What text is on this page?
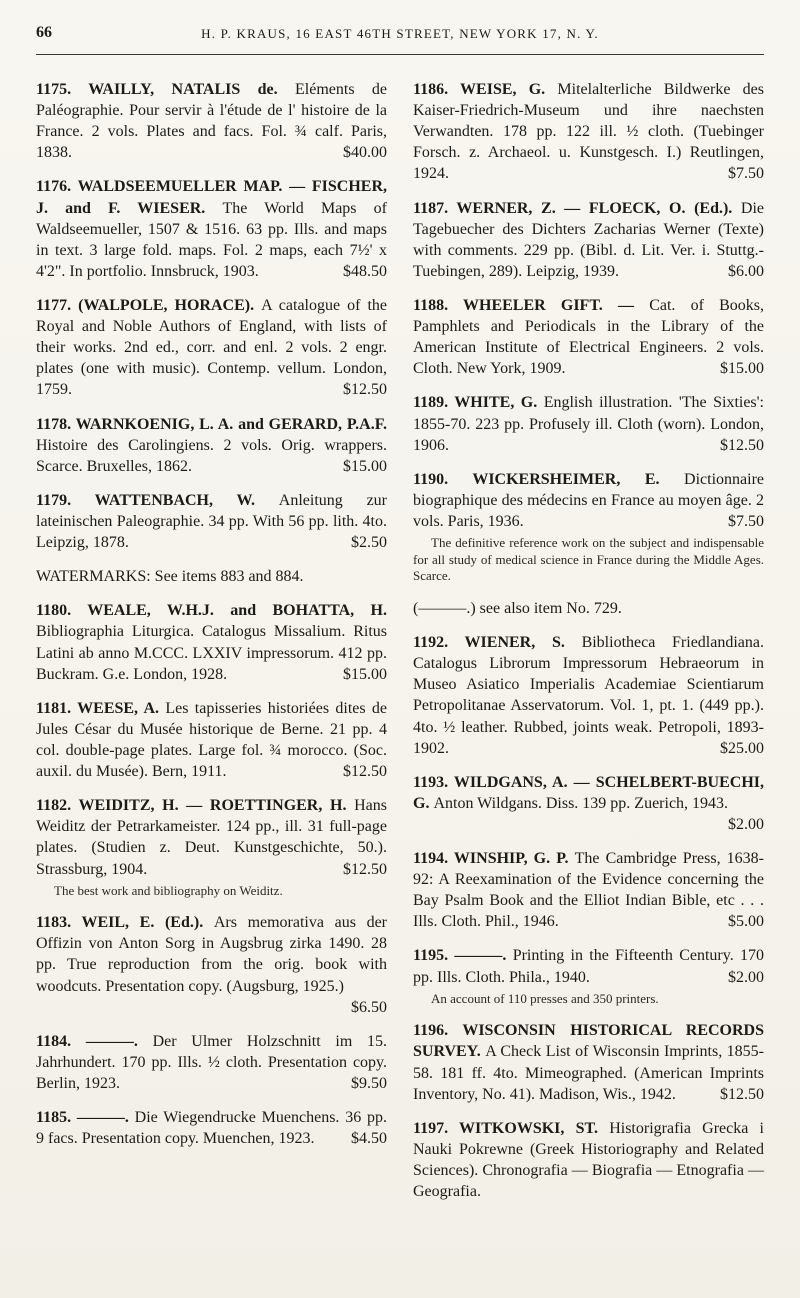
66	H. P. KRAUS, 16 EAST 46TH STREET, NEW YORK 17, N. Y.

1175. WAILLY, NATALIS de. Eléments de Paléographie. Pour servir à l'étude de l' histoire de la France. 2 vols. Plates and facs. Fol. ¾ calf. Paris, 1838.	$40.00

1176. WALDSEEMUELLER MAP. — FISCHER, J. and F. WIESER. The World Maps of Waldseemueller, 1507 & 1516. 63 pp. Ills. and maps in text. 3 large fold. maps. Fol. 2 maps, each 7½' x 4'2". In portfolio. Innsbruck, 1903.	$48.50

1177. (WALPOLE, HORACE). A catalogue of the Royal and Noble Authors of England, with lists of their works. 2nd ed., corr. and enl. 2 vols. 2 engr. plates (one with music). Contemp. vellum. London, 1759.	$12.50

1178. WARNKOENIG, L. A. and GERARD, P.A.F. Histoire des Carolingiens. 2 vols. Orig. wrappers. Scarce. Bruxelles, 1862.	$15.00

1179. WATTENBACH, W. Anleitung zur lateinischen Paleographie. 34 pp. With 56 pp. lith. 4to. Leipzig, 1878.	$2.50

WATERMARKS: See items 883 and 884.

1180. WEALE, W.H.J. and BOHATTA, H. Bibliographia Liturgica. Catalogus Missalium. Ritus Latini ab anno M.CCC. LXXIV impressorum. 412 pp. Buckram. G.e. London, 1928.	$15.00

1181. WEESE, A. Les tapisseries historiées dites de Jules César du Musée historique de Berne. 21 pp. 4 col. double-page plates. Large fol. ¾ morocco. (Soc. auxil. du Musée). Bern, 1911.	$12.50

1182. WEIDITZ, H. — ROETTINGER, H. Hans Weiditz der Petrarkameister. 124 pp., ill. 31 full-page plates. (Studien z. Deut. Kunstgeschichte, 50.). Strassburg, 1904.	$12.50

The best work and bibliography on Weiditz.

1183. WEIL, E. (Ed.). Ars memorativa aus der Offizin von Anton Sorg in Augsbrug zirka 1490. 28 pp. True reproduction from the orig. book with woodcuts. Presentation copy. (Augsburg, 1925.)
$6.50

1184. ———. Der Ulmer Holzschnitt im 15. Jahrhundert. 170 pp. Ills. ½ cloth. Presentation copy. Berlin, 1923.	$9.50

1185. ———. Die Wiegendrucke Muenchens. 36 pp. 9 facs. Presentation copy. Muenchen, 1923.	$4.50

1186. WEISE, G. Mitelalterliche Bildwerke des Kaiser-Friedrich-Museum und ihre naechsten Verwandten. 178 pp. 122 ill. ½ cloth. (Tuebinger Forsch. z. Archaeol. u. Kunstgesch. I.) Reutlingen, 1924.	$7.50

1187. WERNER, Z. — FLOECK, O. (Ed.). Die Tagebuecher des Dichters Zacharias Werner (Texte) with comments. 229 pp. (Bibl. d. Lit. Ver. i. Stuttg.-Tuebingen, 289). Leipzig, 1939.	$6.00

1188. WHEELER GIFT. — Cat. of Books, Pamphlets and Periodicals in the Library of the American Institute of Electrical Engineers. 2 vols. Cloth. New York, 1909.	$15.00

1189. WHITE, G. English illustration. 'The Sixties': 1855-70. 223 pp. Profusely ill. Cloth (worn). London, 1906.	$12.50

1190. WICKERSHEIMER, E. Dictionnaire biographique des médecins en France au moyen âge. 2 vols. Paris, 1936.	$7.50

The definitive reference work on the subject and indispensable for all study of medical science in France during the Middle Ages. Scarce.

(———.) see also item No. 729.

1192. WIENER, S. Bibliotheca Friedlandiana. Catalogus Librorum Impressorum Hebraeorum in Museo Asiatico Imperialis Academiae Scientiarum Petropolitanae Asservatorum. Vol. 1, pt. 1. (449 pp.). 4to. ½ leather. Rubbed, joints weak. Petropoli, 1893-1902.	$25.00

1193. WILDGANS, A. — SCHELBERT-BUECHI, G. Anton Wildgans. Diss. 139 pp. Zuerich, 1943.
$2.00

1194. WINSHIP, G. P. The Cambridge Press, 1638-92: A Reexamination of the Evidence concerning the Bay Psalm Book and the Elliot Indian Bible, etc . . . Ills. Cloth. Phil., 1946.	$5.00

1195. ———. Printing in the Fifteenth Century. 170 pp. Ills. Cloth. Phila., 1940.	$2.00

An account of 110 presses and 350 printers.

1196. WISCONSIN HISTORICAL RECORDS SURVEY. A Check List of Wisconsin Imprints, 1855-58. 181 ff. 4to. Mimeographed. (American Imprints Inventory, No. 41). Madison, Wis., 1942.	$12.50

1197. WITKOWSKI, ST. Historigrafia Grecka i Nauki Pokrewne (Greek Historiography and Related Sciences). Chronografia — Biografia — Etnografia — Geografia.
